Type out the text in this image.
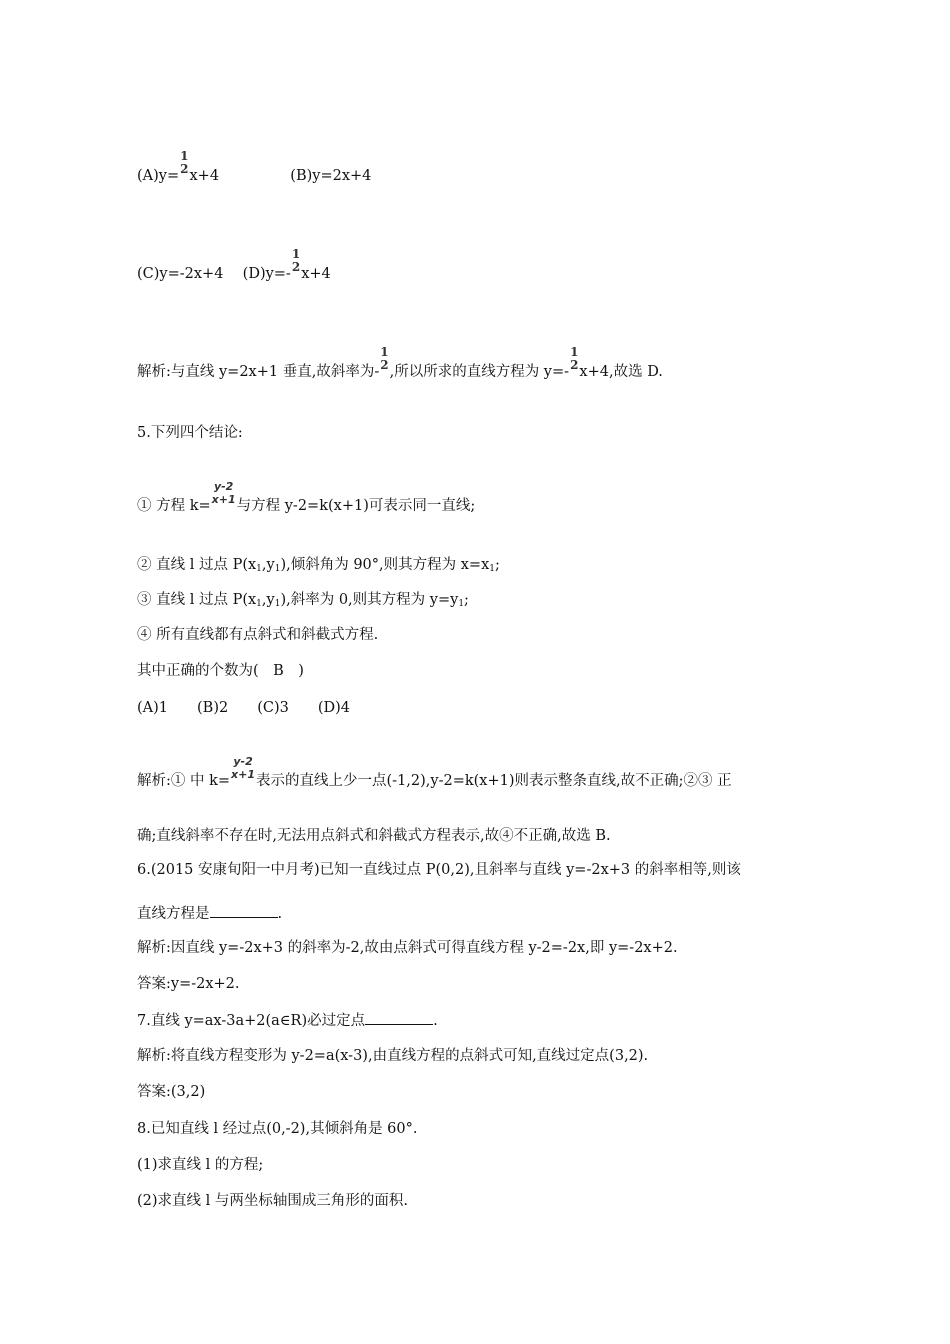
(A)y=
1
2 x+4	(B)y=2x+4
(C)y=-2x+4 (D)y=-
1
2 x+4
解析:与直线 y=2x+1 垂直,故斜率为-
1
2 ,所以所求的直线方程为 y=-
1
2 x+4,故选 D.
5.下列四个结论:
① 方程 k=
y-2
x+1 与方程 y-2=k(x+1)可表示同一直线;
② 直线 l 过点 $P(x_1,y_1)$,倾斜角为 90°,则其方程为 $x=x_1$;
③ 直线 l 过点 $P(x_1,y_1)$,斜率为 0,则其方程为 $y=y_1$;
④ 所有直线都有点斜式和斜截式方程.
其中正确的个数为(　B　)
(A)1　　(B)2　　(C)3　　(D)4
解析:① 中 k=
y-2
x+1 表示的直线上少一点(-1,2),y-2=k(x+1)则表示整条直线,故不正确;②③ 正
确;直线斜率不存在时,无法用点斜式和斜截式方程表示,故④不正确,故选 B.
6.(2015 安康旬阳一中月考)已知一直线过点 P(0,2),且斜率与直线 y=-2x+3 的斜率相等,则该
直线方程是	.
解析:因直线 y=-2x+3 的斜率为-2,故由点斜式可得直线方程 y-2=-2x,即 y=-2x+2.
答案:y=-2x+2.
7.直线 y=ax-3a+2(a∈R)必过定点	.
解析:将直线方程变形为 y-2=a(x-3),由直线方程的点斜式可知,直线过定点(3,2).
答案:(3,2)
8.已知直线 l 经过点(0,-2),其倾斜角是 60°.
(1)求直线 l 的方程;
(2)求直线 l 与两坐标轴围成三角形的面积.
